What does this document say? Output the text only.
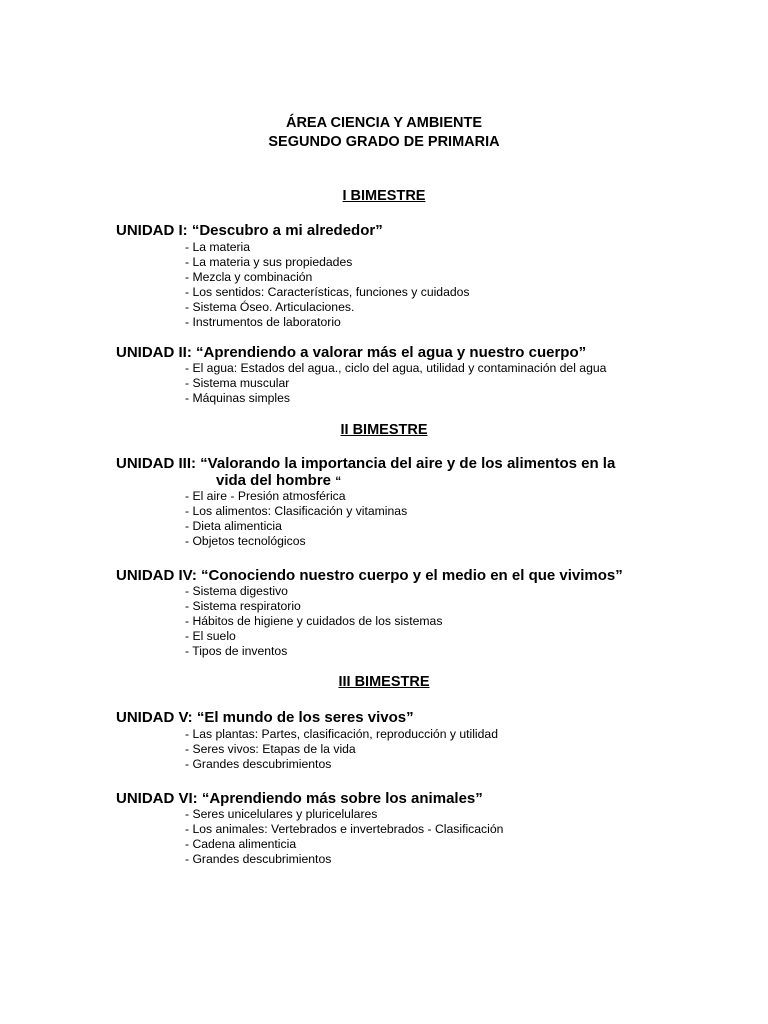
ÁREA CIENCIA Y AMBIENTE
SEGUNDO GRADO DE PRIMARIA
I BIMESTRE
UNIDAD I: “Descubro a mi alrededor”
- La materia
- La materia y sus propiedades
- Mezcla y combinación
- Los sentidos: Características, funciones y cuidados
- Sistema Óseo. Articulaciones.
- Instrumentos de laboratorio
UNIDAD II: “Aprendiendo a valorar más el agua y nuestro cuerpo”
- El agua: Estados del agua., ciclo del agua, utilidad y contaminación del agua
- Sistema muscular
- Máquinas simples
II BIMESTRE
UNIDAD III: “Valorando la importancia del aire y de los alimentos en la
vida del hombre “
- El aire - Presión atmosférica
- Los alimentos: Clasificación y vitaminas
- Dieta alimenticia
- Objetos tecnológicos
UNIDAD IV: “Conociendo nuestro cuerpo y el medio en el que vivimos”
- Sistema digestivo
- Sistema respiratorio
- Hábitos de higiene y cuidados de los sistemas
- El suelo
- Tipos de inventos
III BIMESTRE
UNIDAD V: “El mundo de los seres vivos”
- Las plantas: Partes, clasificación, reproducción y utilidad
- Seres vivos: Etapas de la vida
- Grandes descubrimientos
UNIDAD VI: “Aprendiendo más sobre los animales”
- Seres unicelulares y pluricelulares
- Los animales: Vertebrados e invertebrados - Clasificación
- Cadena alimenticia
- Grandes descubrimientos
